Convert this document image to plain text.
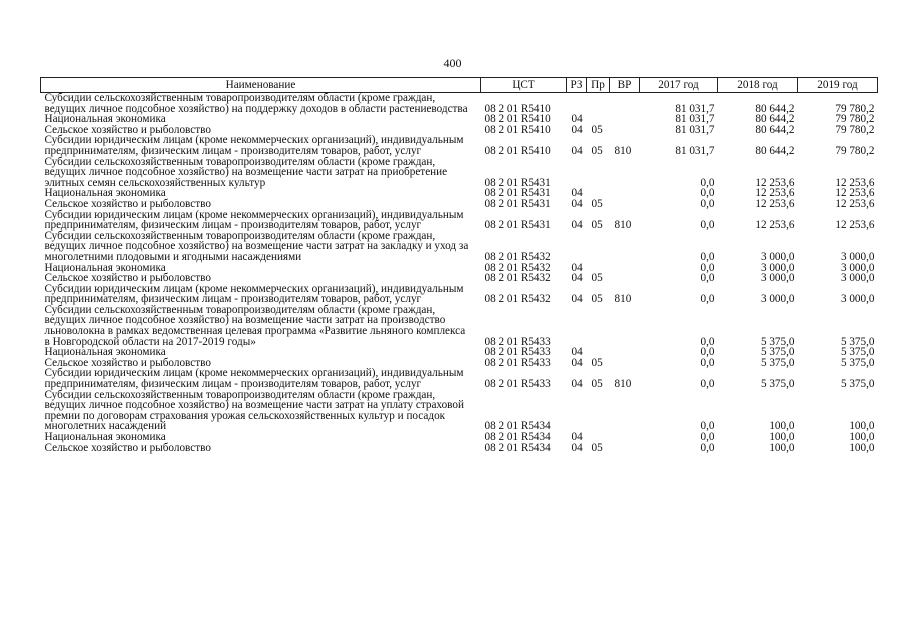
400
Наименование	ЦСТ	РЗ	Пр	ВР	2017 год	2018 год	2019 год
Субсидии сельскохозяйственным товаропроизводителям области (кроме граждан, ведущих личное подсобное хозяйство) на поддержку доходов в области растениеводства	08 2 01 R5410				81 031,7	80 644,2	79 780,2
Национальная экономика	08 2 01 R5410	04			81 031,7	80 644,2	79 780,2
Сельское хозяйство и рыболовство	08 2 01 R5410	04	05		81 031,7	80 644,2	79 780,2
Субсидии юридическим лицам (кроме некоммерческих организаций), индивидуальным предпринимателям, физическим лицам - производителям товаров, работ, услуг	08 2 01 R5410	04	05	810	81 031,7	80 644,2	79 780,2
Субсидии сельскохозяйственным товаропроизводителям области (кроме граждан, ведущих личное подсобное хозяйство) на возмещение части затрат на приобретение элитных семян сельскохозяйственных культур	08 2 01 R5431				0,0	12 253,6	12 253,6
Национальная экономика	08 2 01 R5431	04			0,0	12 253,6	12 253,6
Сельское хозяйство и рыболовство	08 2 01 R5431	04	05		0,0	12 253,6	12 253,6
Субсидии юридическим лицам (кроме некоммерческих организаций), индивидуальным предпринимателям, физическим лицам - производителям товаров, работ, услуг	08 2 01 R5431	04	05	810	0,0	12 253,6	12 253,6
Субсидии сельскохозяйственным товаропроизводителям области (кроме граждан, ведущих личное подсобное хозяйство) на возмещение части затрат на закладку и уход за многолетними плодовыми и ягодными насаждениями	08 2 01 R5432				0,0	3 000,0	3 000,0
Национальная экономика	08 2 01 R5432	04			0,0	3 000,0	3 000,0
Сельское хозяйство и рыболовство	08 2 01 R5432	04	05		0,0	3 000,0	3 000,0
Субсидии юридическим лицам (кроме некоммерческих организаций), индивидуальным предпринимателям, физическим лицам - производителям товаров, работ, услуг	08 2 01 R5432	04	05	810	0,0	3 000,0	3 000,0
Субсидии сельскохозяйственным товаропроизводителям области (кроме граждан, ведущих личное подсобное хозяйство) на возмещение части затрат на производство льноволокна в рамках ведомственная целевая программа «Развитие льняного комплекса в Новгородской области на 2017-2019 годы»	08 2 01 R5433				0,0	5 375,0	5 375,0
Национальная экономика	08 2 01 R5433	04			0,0	5 375,0	5 375,0
Сельское хозяйство и рыболовство	08 2 01 R5433	04	05		0,0	5 375,0	5 375,0
Субсидии юридическим лицам (кроме некоммерческих организаций), индивидуальным предпринимателям, физическим лицам - производителям товаров, работ, услуг	08 2 01 R5433	04	05	810	0,0	5 375,0	5 375,0
Субсидии сельскохозяйственным товаропроизводителям области (кроме граждан, ведущих личное подсобное хозяйство) на возмещение части затрат на уплату страховой премии по договорам страхования урожая сельскохозяйственных культур и посадок многолетних насаждений	08 2 01 R5434				0,0	100,0	100,0
Национальная экономика	08 2 01 R5434	04			0,0	100,0	100,0
Сельское хозяйство и рыболовство	08 2 01 R5434	04	05		0,0	100,0	100,0
